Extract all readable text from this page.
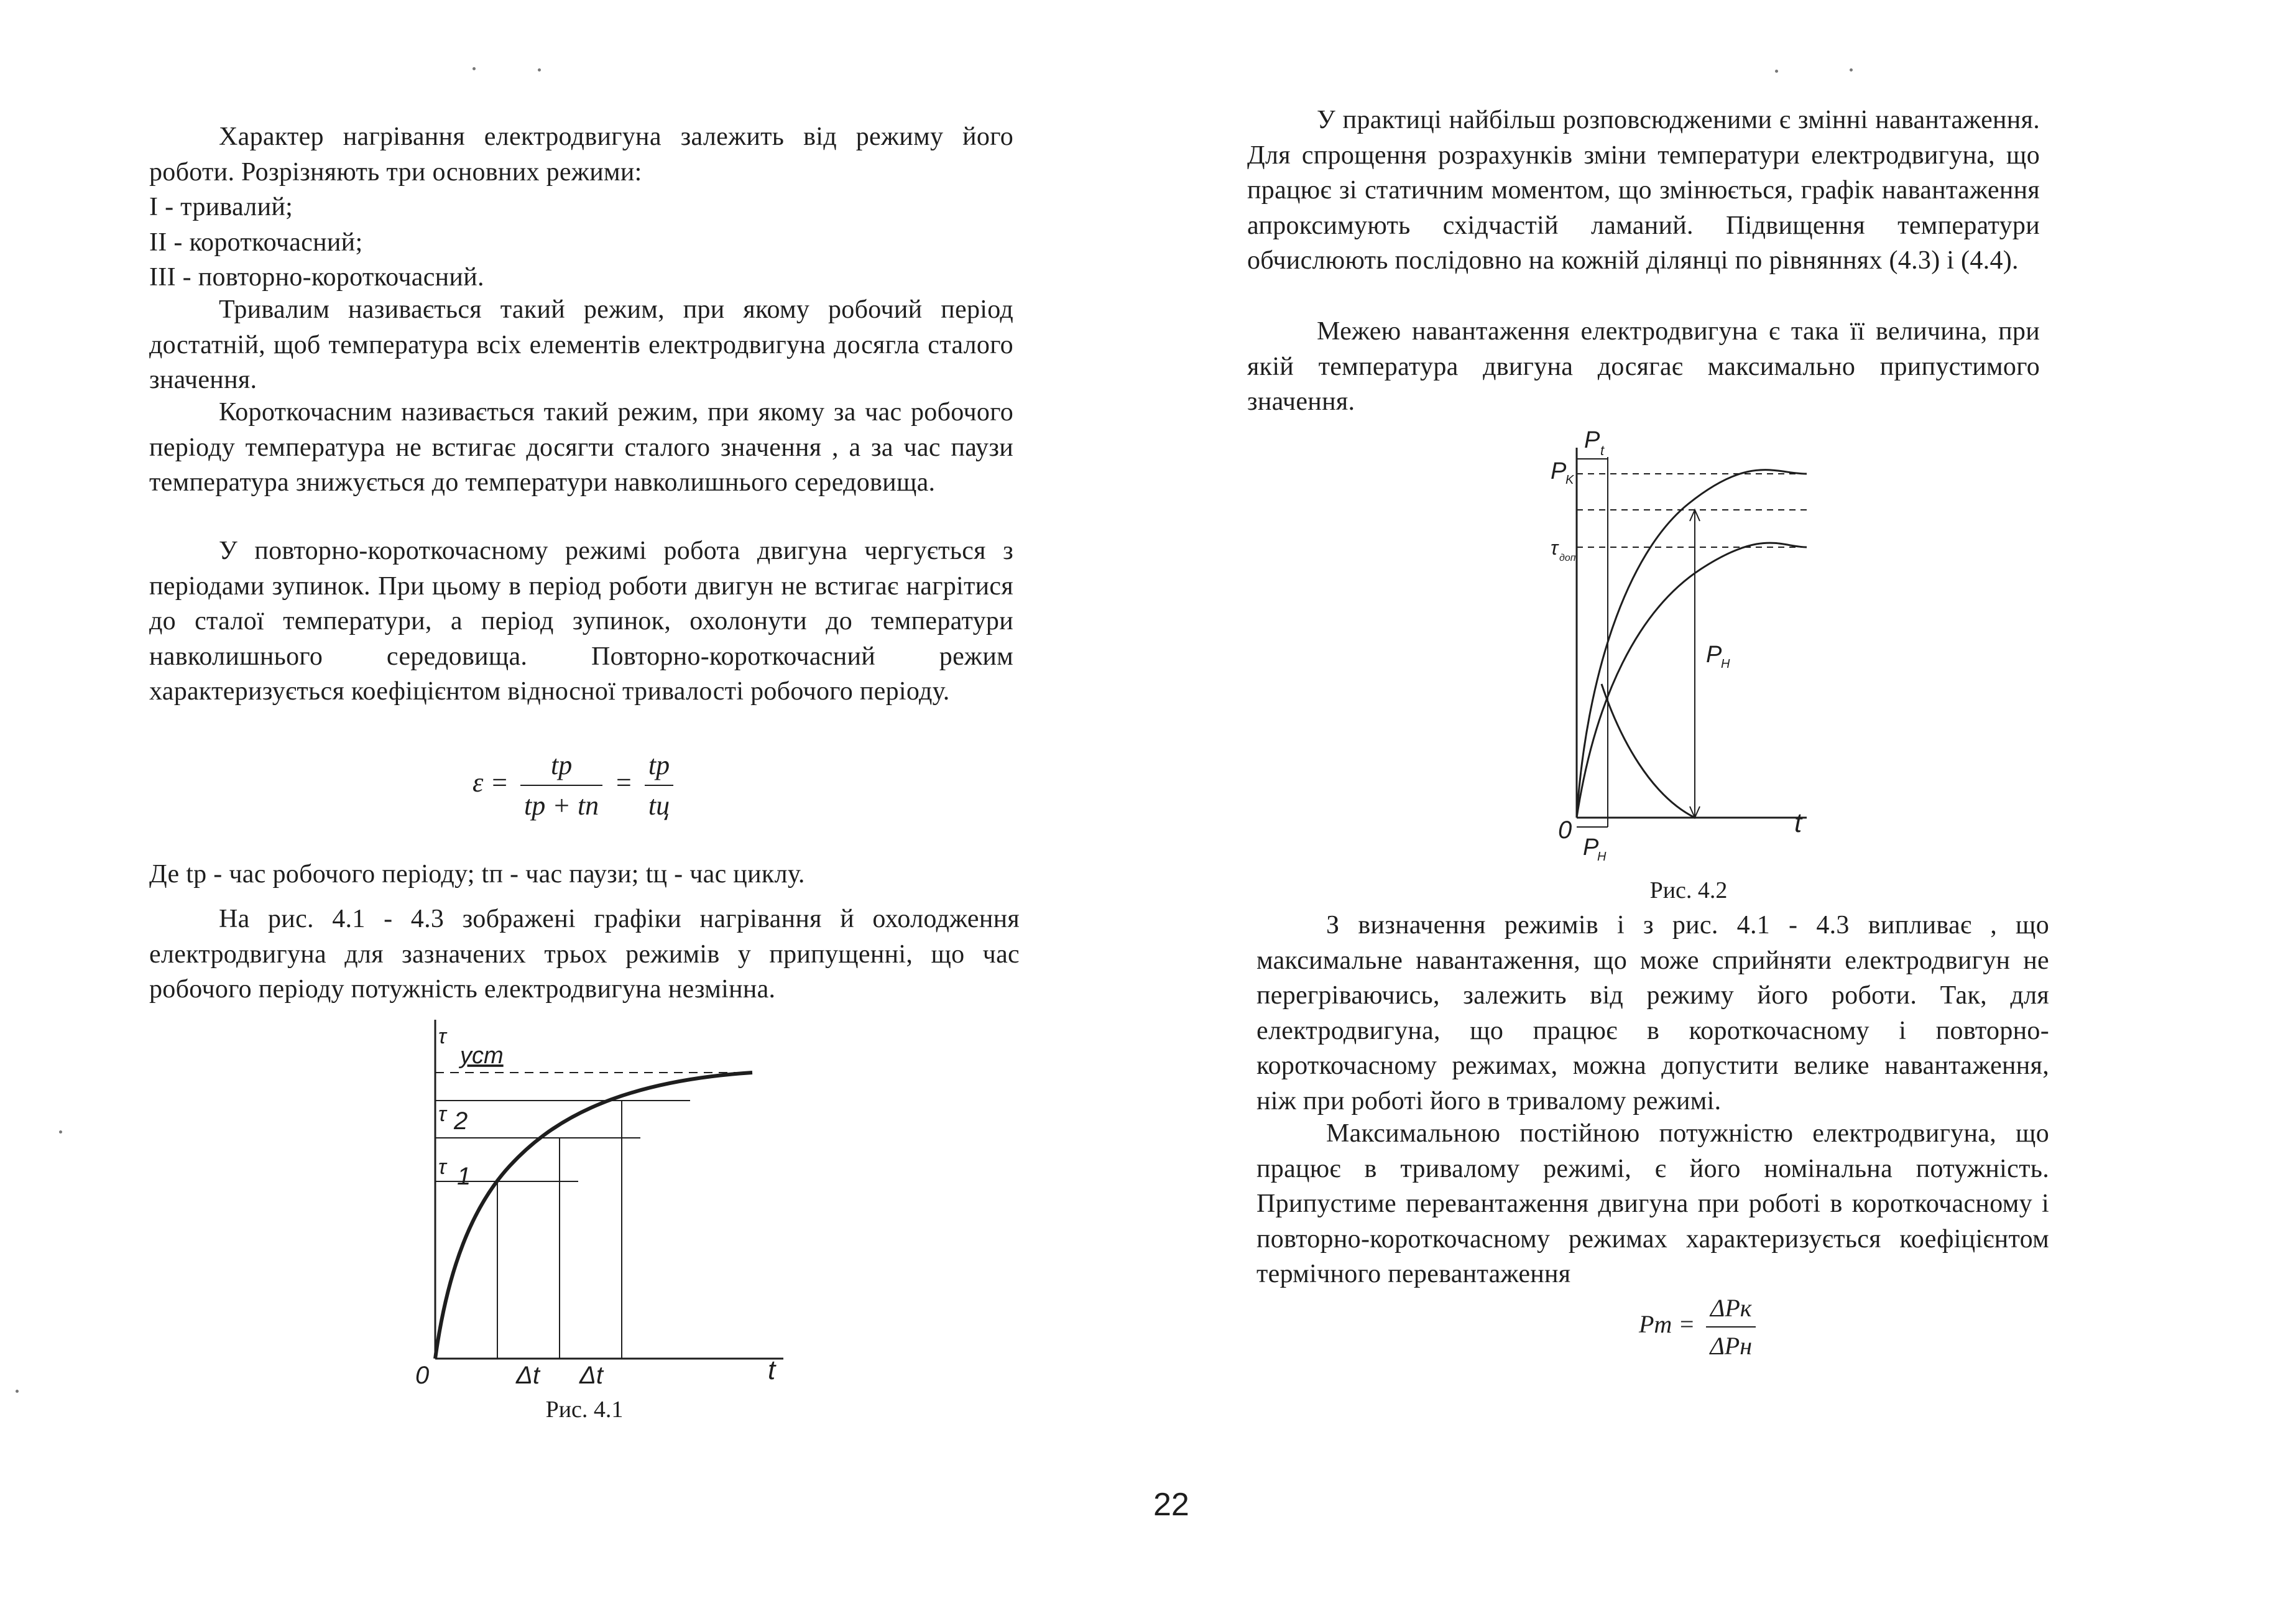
Характер нагрівання електродвигуна залежить від режиму його роботи. Розрізняють три основних режими:

І - тривалий;

ІІ - короткочасний;

ІІІ - повторно-короткочасний.

Тривалим називається такий режим, при якому робочий період достатній, щоб температура всіх елементів електродвигуна досягла сталого значення.

Короткочасним називається такий режим, при якому за час робочого періоду температура не встигає досягти сталого значення , а за час паузи температура знижується до температури навколишнього середовища.

У повторно-короткочасному режимі робота двигуна чергується з періодами зупинок. При цьому в період роботи двигун не встигає нагрітися до сталої температури, а період зупинок, охолонути до температури навколишнього середовища. Повторно-короткочасний режим характеризується коефіцієнтом відносної тривалості робочого періоду.

$\varepsilon = \frac{tр}{tр + tп} = \frac{tр}{tц}$

Де tр - час робочого періоду; tп - час паузи; tц - час циклу.

На рис. 4.1 - 4.3 зображені графіки нагрівання й охолодження електродвигуна для зазначених трьох режимів у припущенні, що час робочого періоду потужність електродвигуна незмінна.

τ
уст
τ 2
τ 1
0	Δt Δt	t
Рис. 4.1
22

У практиці найбільш розповсюдженими є змінні навантаження. Для спрощення розрахунків зміни температури електродвигуна, що працює зі статичним моментом, що змінюється, графік навантаження апроксимують східчастій ламаний. Підвищення температури обчислюють послідовно на кожній ділянці по рівняннях (4.3) і (4.4).

Межею навантаження електродвигуна є така її величина, при якій температура двигуна досягає максимально припустимого значення.

P t
P
K
τ доп
P
Н
0	t
P
Н
Рис. 4.2

З визначення режимів і з рис. 4.1 - 4.3 випливає , що максимальне навантаження, що може сприйняти електродвигун не перегріваючись, залежить від режиму його роботи. Так, для електродвигуна, що працює в короткочасному і повторно-короткочасному режимах, можна допустити велике навантаження, ніж при роботі його в тривалому режимі.

Максимальною постійною потужністю електродвигуна, що працює в тривалому режимі, є його номінальна потужність. Припустиме перевантаження двигуна при роботі в короткочасному і повторно-короткочасному режимах характеризується коефіцієнтом термічного перевантаження

Pт = $\frac{\text{ΔPк}}{\text{ΔPн}}$
